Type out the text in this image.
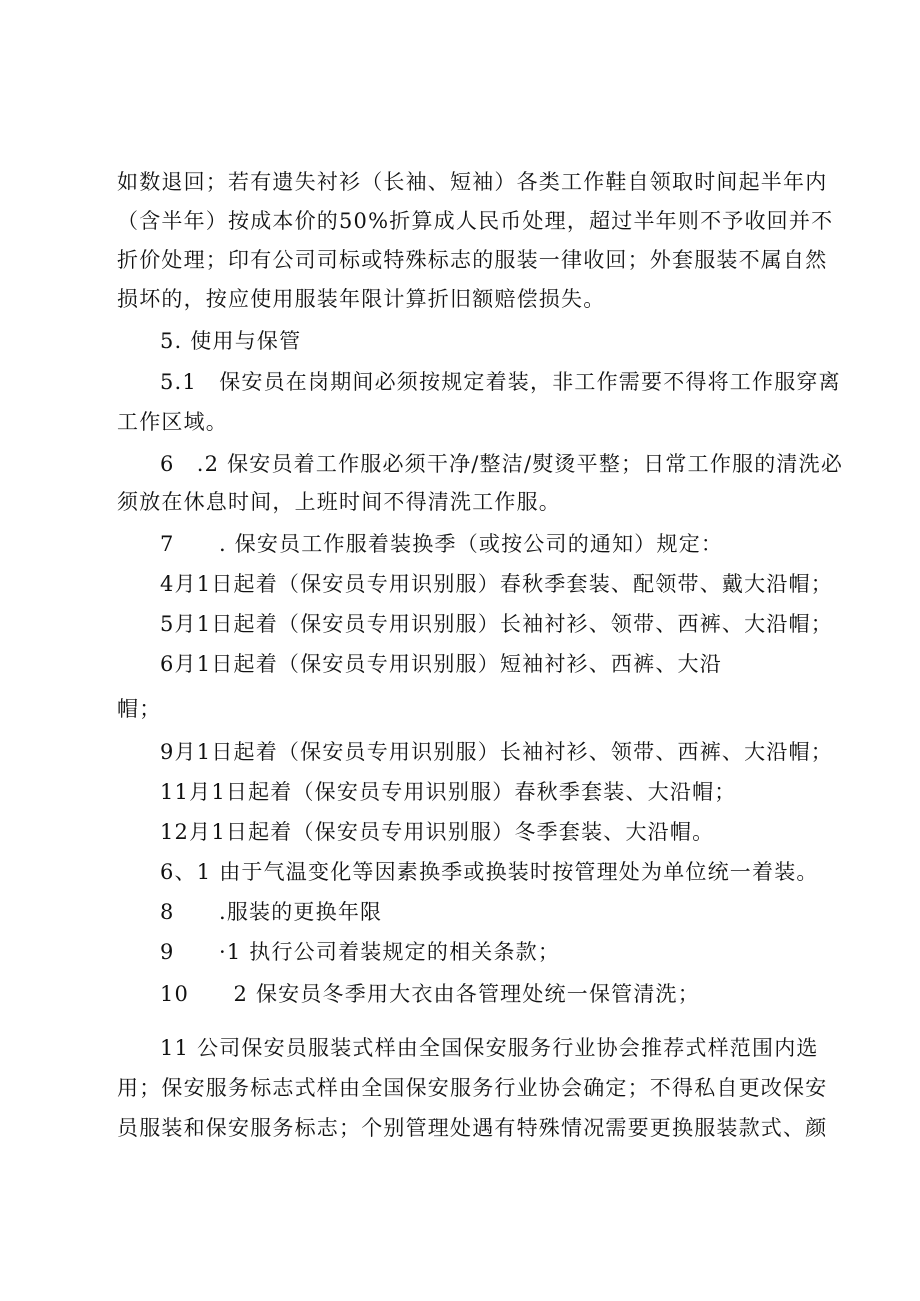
如数退回；若有遗失衬衫（长袖、短袖）各类工作鞋自领取时间起半年内
（含半年）按成本价的50%折算成人民币处理，超过半年则不予收回并不
折价处理；印有公司司标或特殊标志的服装一律收回；外套服装不属自然
损坏的，按应使用服装年限计算折旧额赔偿损失。
5. 使用与保管
5.1　保安员在岗期间必须按规定着装，非工作需要不得将工作服穿离
工作区域。
6　.2 保安员着工作服必须干净/整洁/熨烫平整；日常工作服的清洗必
须放在休息时间，上班时间不得清洗工作服。
7　　. 保安员工作服着装换季（或按公司的通知）规定：
4月1日起着（保安员专用识别服）春秋季套装、配领带、戴大沿帽；
5月1日起着（保安员专用识别服）长袖衬衫、领带、西裤、大沿帽；
6月1日起着（保安员专用识别服）短袖衬衫、西裤、大沿
帽；
9月1日起着（保安员专用识别服）长袖衬衫、领带、西裤、大沿帽；
11月1日起着（保安员专用识别服）春秋季套装、大沿帽；
12月1日起着（保安员专用识别服）冬季套装、大沿帽。
6、1 由于气温变化等因素换季或换装时按管理处为单位统一着装。
8　　.服装的更换年限
9　　·1 执行公司着装规定的相关条款；
10　　2 保安员冬季用大衣由各管理处统一保管清洗；
11 公司保安员服装式样由全国保安服务行业协会推荐式样范围内选
用；保安服务标志式样由全国保安服务行业协会确定；不得私自更改保安
员服装和保安服务标志；个别管理处遇有特殊情况需要更换服装款式、颜
